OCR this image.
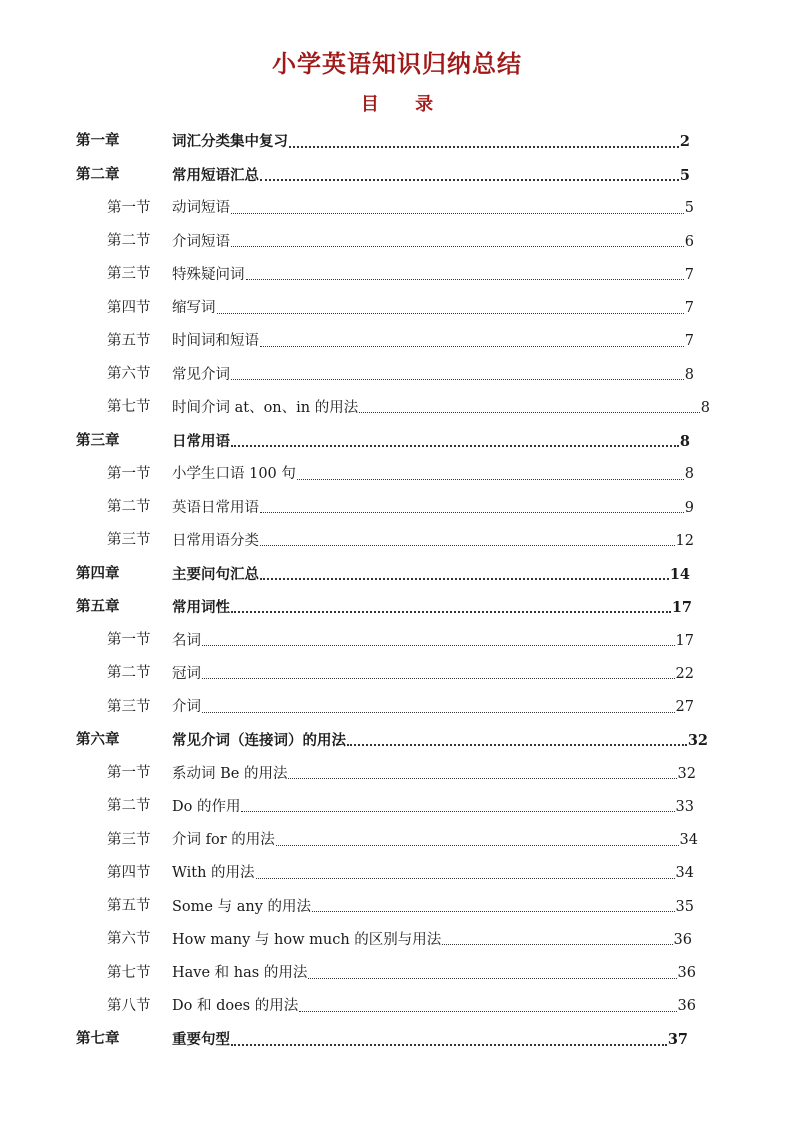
小学英语知识归纳总结
目 录
第一章	词汇分类集中复习	2
第二章	常用短语汇总	5
第一节 动词短语	5
第二节 介词短语	6
第三节 特殊疑问词	7
第四节 缩写词	7
第五节 时间词和短语	7
第六节 常见介词	8
第七节 时间介词 at、on、in 的用法	8
第三章	日常用语	8
第一节 小学生口语 100 句	8
第二节 英语日常用语	9
第三节 日常用语分类	12
第四章	主要问句汇总	14
第五章	常用词性	17
第一节 名词	17
第二节 冠词	22
第三节 介词	27
第六章	常见介词（连接词）的用法	32
第一节 系动词 Be 的用法	32
第二节 Do 的作用	33
第三节 介词 for 的用法	34
第四节 With 的用法	34
第五节 Some 与 any 的用法	35
第六节 How many 与 how much 的区别与用法	36
第七节 Have 和 has 的用法	36
第八节 Do 和 does 的用法	36
第七章	重要句型	37
